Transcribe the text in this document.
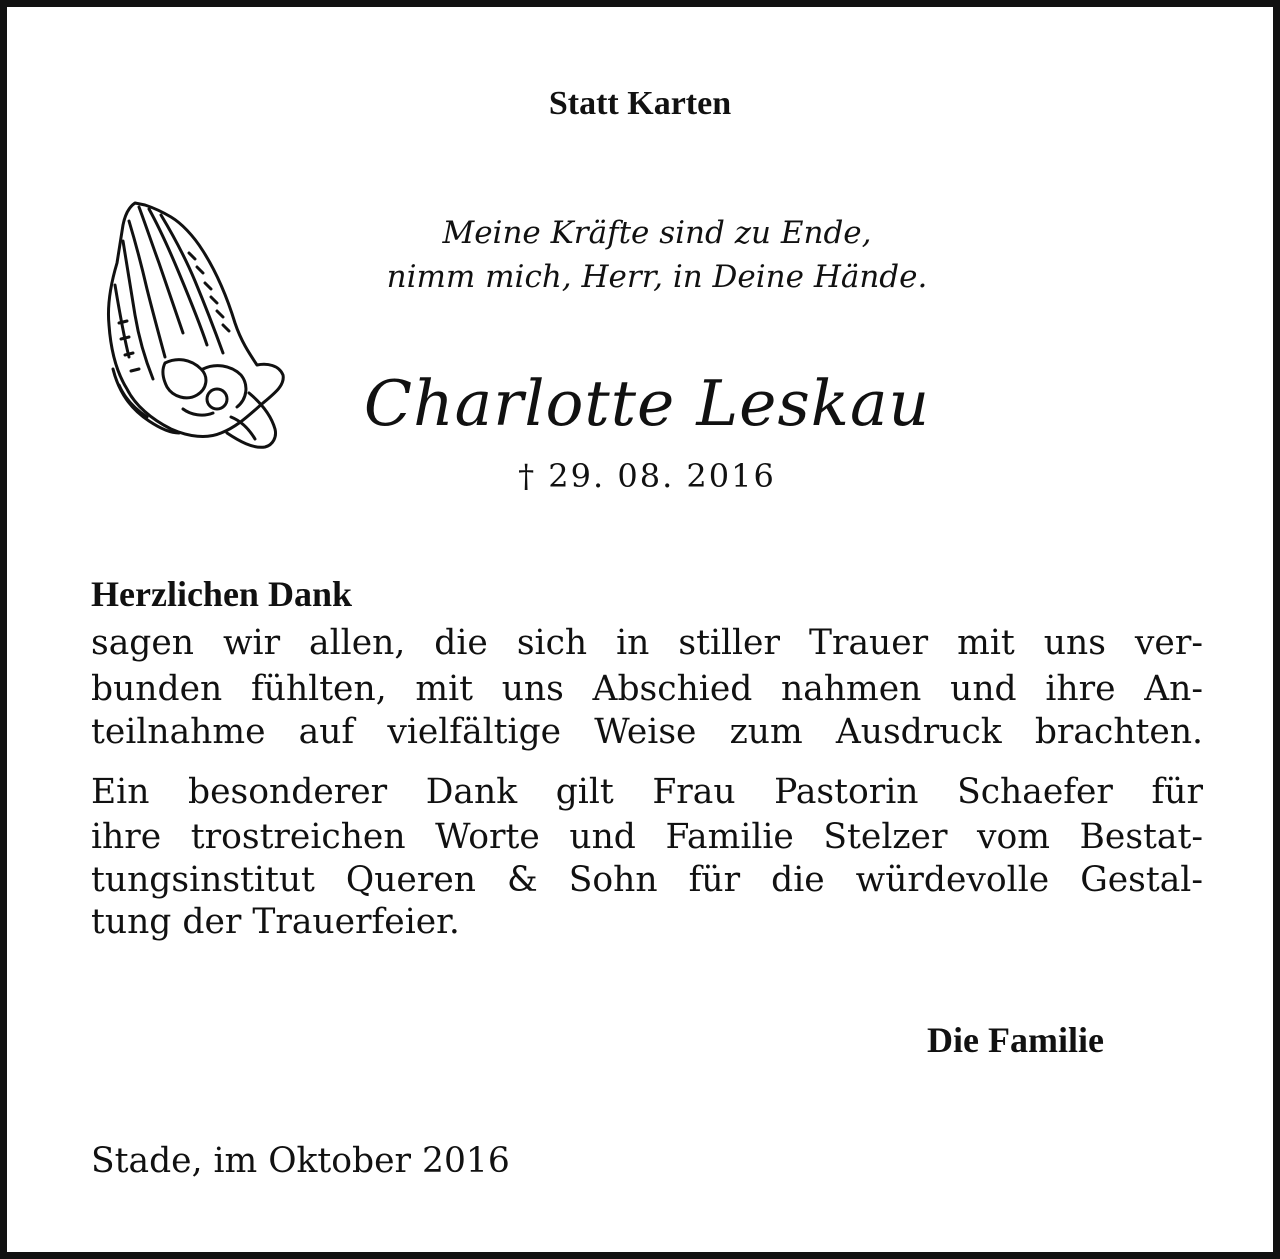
Statt Karten
Meine Kräfte sind zu Ende,
nimm mich, Herr, in Deine Hände.
Charlotte Leskau
† 29. 08. 2016
Herzlichen Dank
sagen wir allen, die sich in stiller Trauer mit uns ver-
bunden fühlten, mit uns Abschied nahmen und ihre An-
teilnahme auf vielfältige Weise zum Ausdruck brachten.
Ein besonderer Dank gilt Frau Pastorin Schaefer für
ihre trostreichen Worte und Familie Stelzer vom Bestat-
tungsinstitut Queren & Sohn für die würdevolle Gestal-
tung der Trauerfeier.
Die Familie
Stade, im Oktober 2016
